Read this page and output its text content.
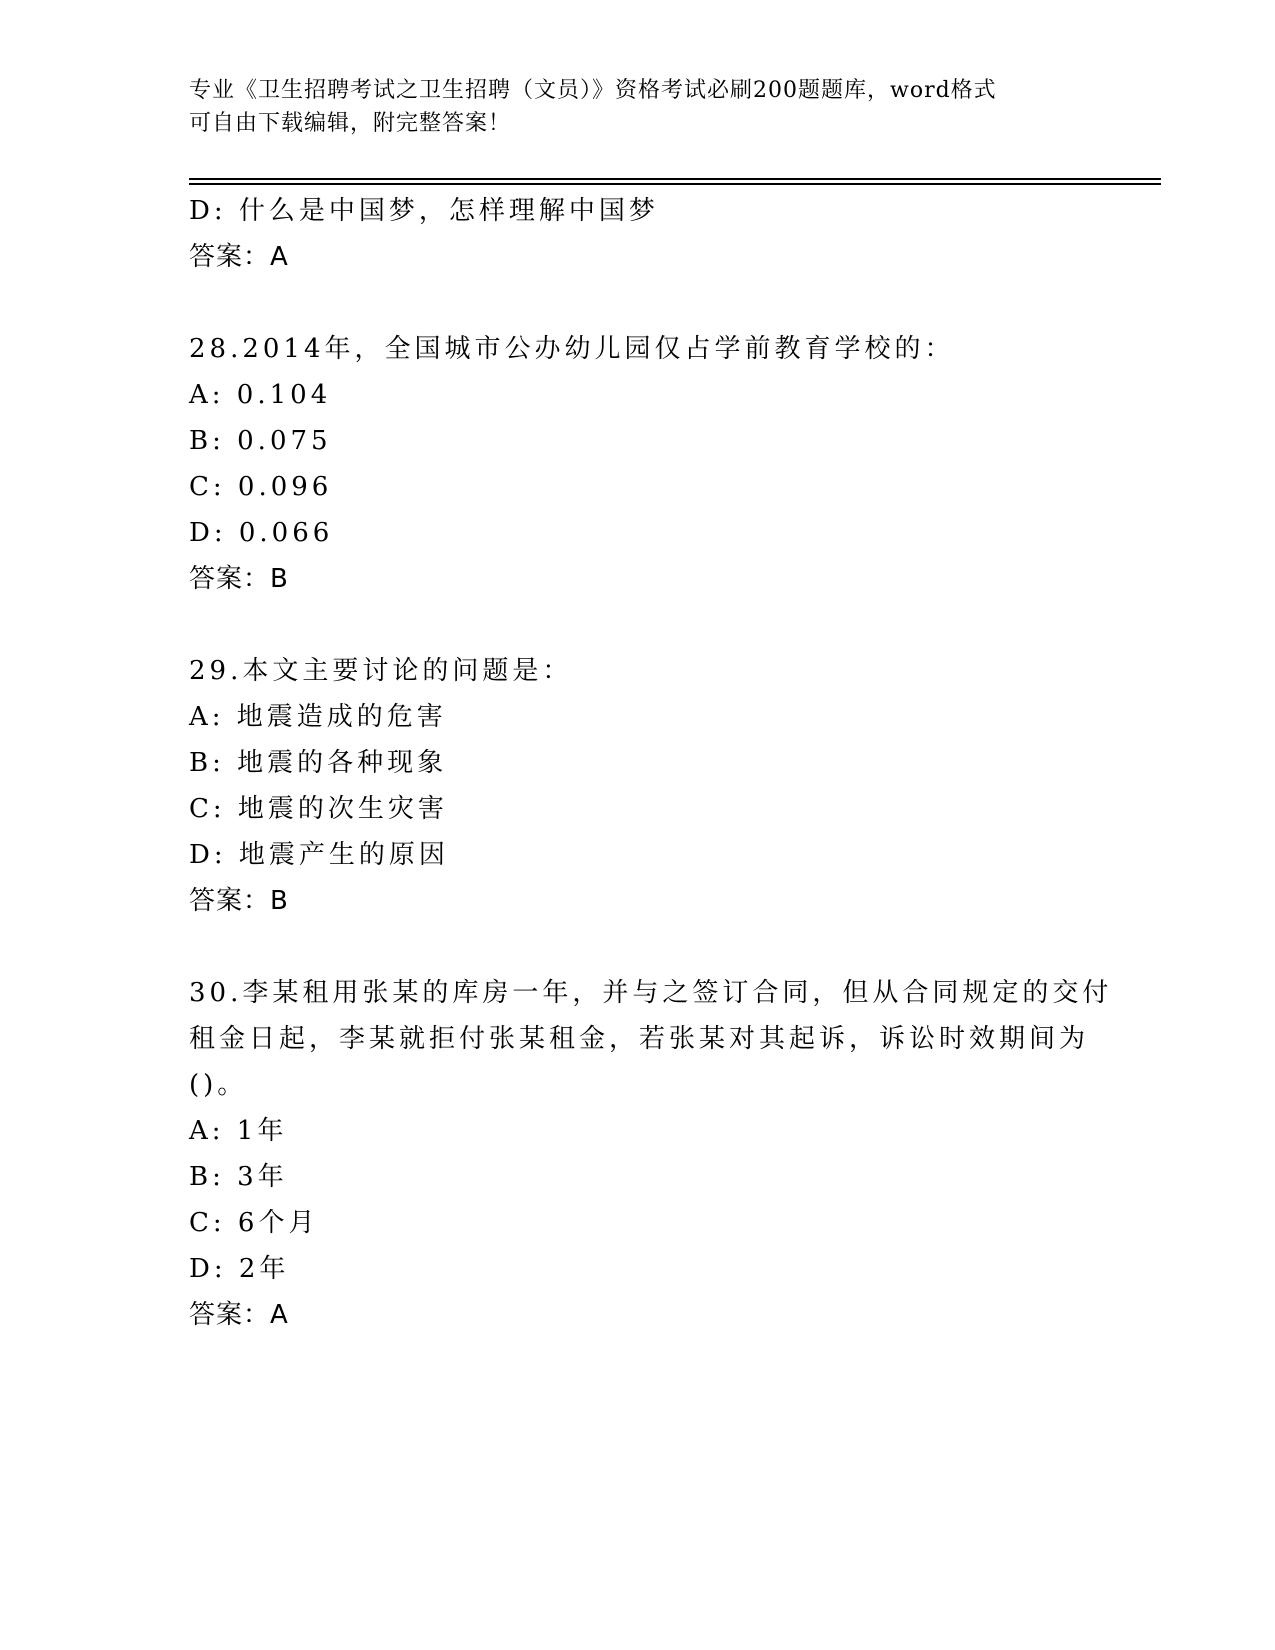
专业《卫生招聘考试之卫生招聘（文员）》资格考试必刷200题题库，word格式
可自由下载编辑，附完整答案！
D: 什么是中国梦，怎样理解中国梦
答案：A
28.2014年，全国城市公办幼儿园仅占学前教育学校的：
A: 0.104
B: 0.075
C: 0.096
D: 0.066
答案：B
29.本文主要讨论的问题是：
A: 地震造成的危害
B: 地震的各种现象
C: 地震的次生灾害
D: 地震产生的原因
答案：B
30.李某租用张某的库房一年，并与之签订合同，但从合同规定的交付
租金日起，李某就拒付张某租金，若张某对其起诉，诉讼时效期间为
()。
A: 1年
B: 3年
C: 6个月
D: 2年
答案：A
